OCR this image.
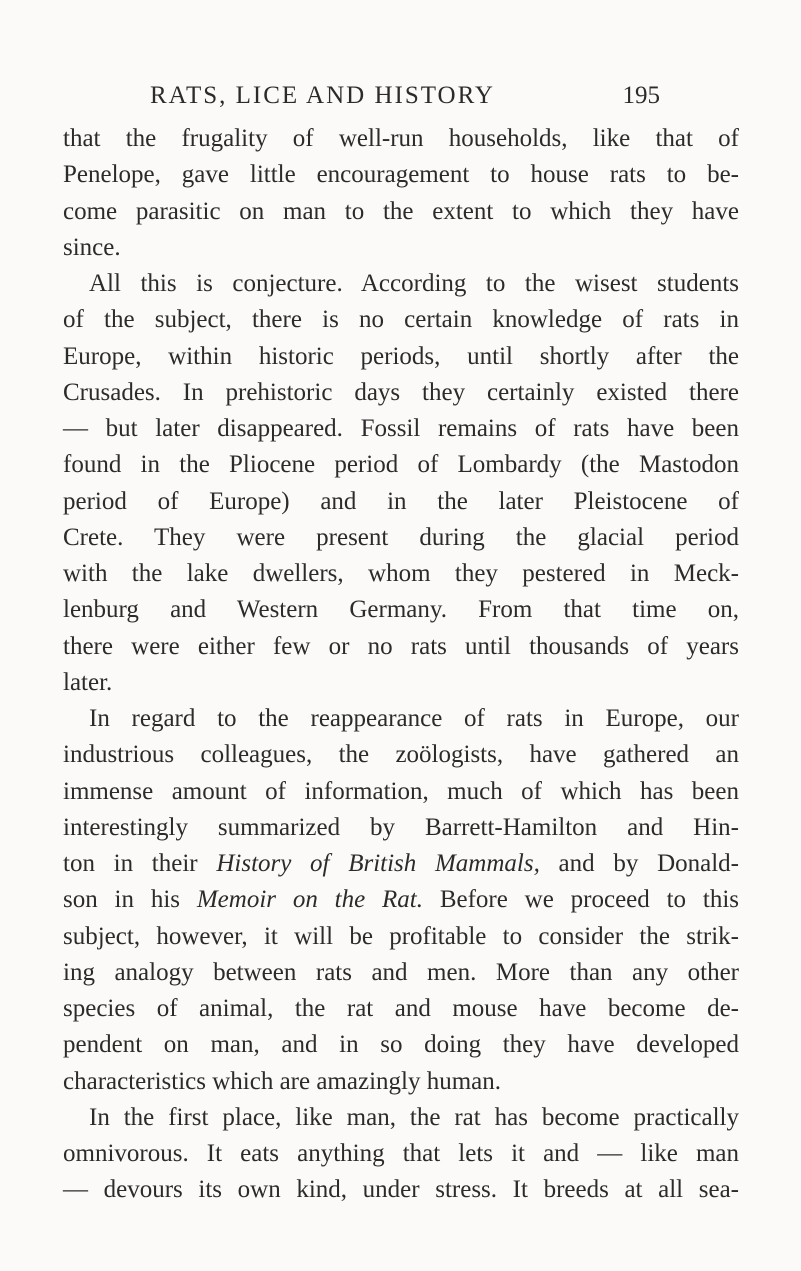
RATS, LICE AND HISTORY	195
that the frugality of well-run households, like that of
Penelope, gave little encouragement to house rats to be-
come parasitic on man to the extent to which they have
since.
All this is conjecture. According to the wisest students
of the subject, there is no certain knowledge of rats in
Europe, within historic periods, until shortly after the
Crusades. In prehistoric days they certainly existed there
— but later disappeared. Fossil remains of rats have been
found in the Pliocene period of Lombardy (the Mastodon
period of Europe) and in the later Pleistocene of
Crete. They were present during the glacial period
with the lake dwellers, whom they pestered in Meck-
lenburg and Western Germany. From that time on,
there were either few or no rats until thousands of years
later.
In regard to the reappearance of rats in Europe, our
industrious colleagues, the zoölogists, have gathered an
immense amount of information, much of which has been
interestingly summarized by Barrett-Hamilton and Hin-
ton in their History of British Mammals, and by Donald-
son in his Memoir on the Rat. Before we proceed to this
subject, however, it will be profitable to consider the strik-
ing analogy between rats and men. More than any other
species of animal, the rat and mouse have become de-
pendent on man, and in so doing they have developed
characteristics which are amazingly human.
In the first place, like man, the rat has become practically
omnivorous. It eats anything that lets it and — like man
— devours its own kind, under stress. It breeds at all sea-
